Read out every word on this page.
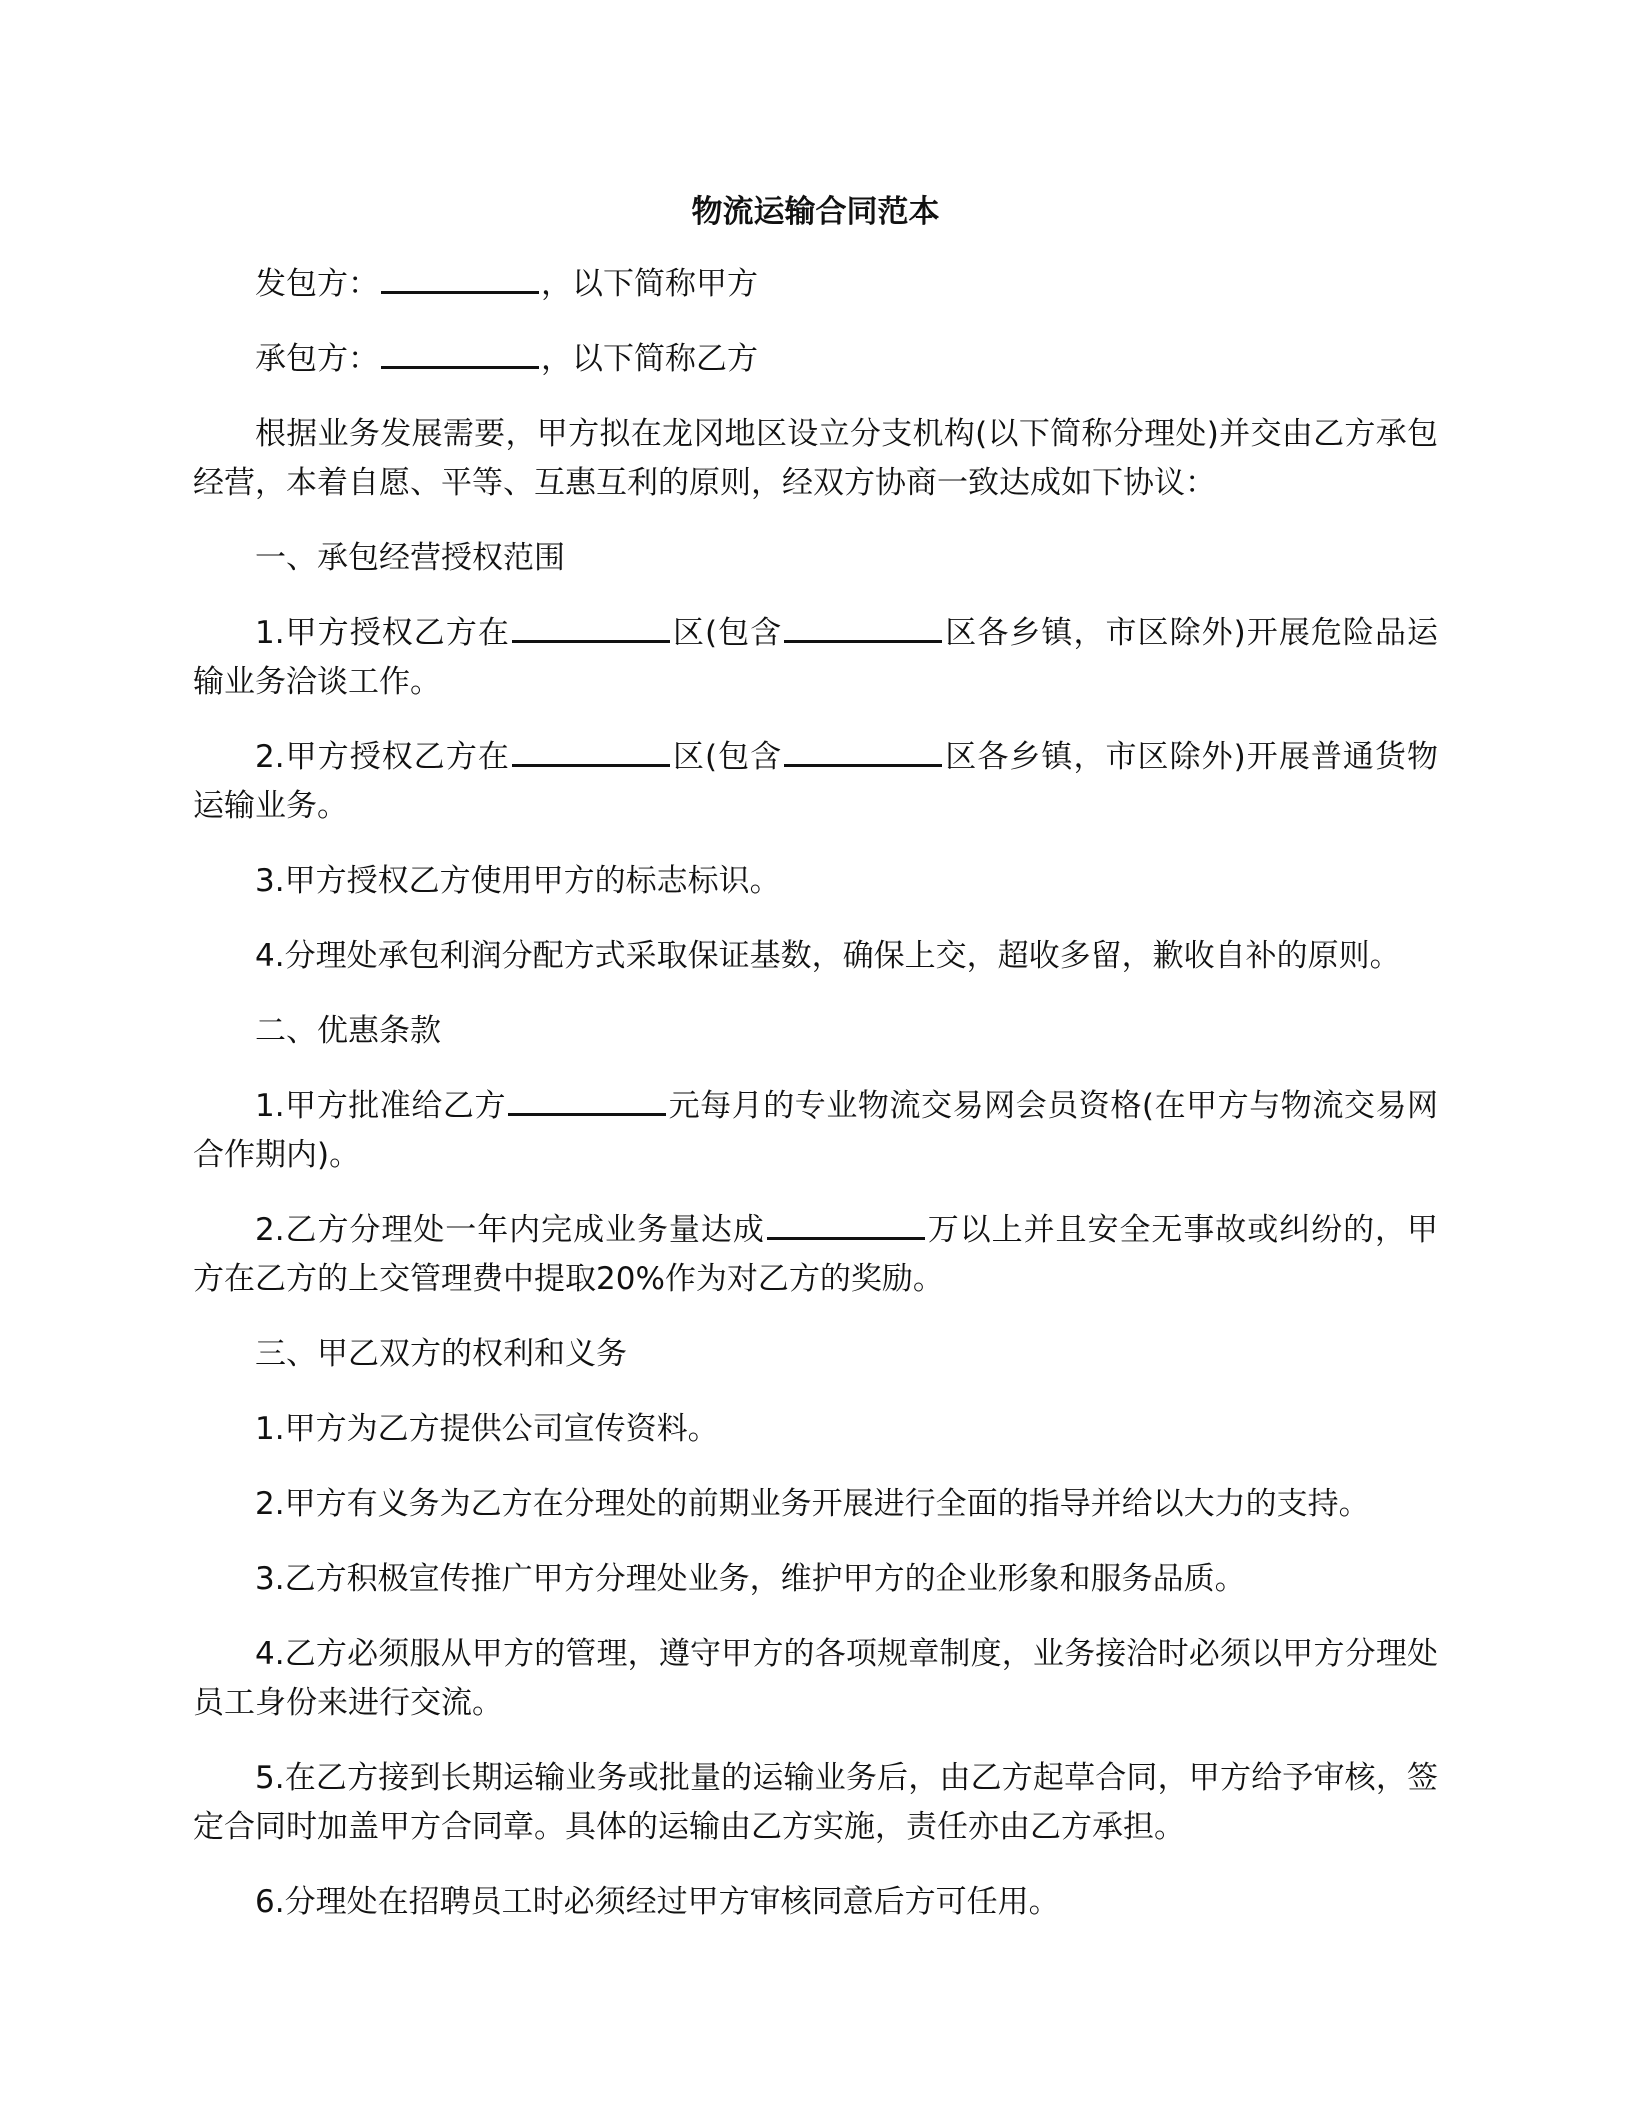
物流运输合同范本

发包方：	，以下简称甲方

承包方：	，以下简称乙方

根据业务发展需要，甲方拟在龙冈地区设立分支机构(以下简称分理处)并交由乙方承包经营，本着自愿、平等、互惠互利的原则，经双方协商一致达成如下协议：

一、承包经营授权范围

1.甲方授权乙方在	区(包含	区各乡镇，市区除外)开展危险品运输业务洽谈工作。

2.甲方授权乙方在	区(包含	区各乡镇，市区除外)开展普通货物运输业务。

3.甲方授权乙方使用甲方的标志标识。

4.分理处承包利润分配方式采取保证基数，确保上交，超收多留，歉收自补的原则。

二、优惠条款

1.甲方批准给乙方	元每月的专业物流交易网会员资格(在甲方与物流交易网合作期内)。

2.乙方分理处一年内完成业务量达成	万以上并且安全无事故或纠纷的，甲方在乙方的上交管理费中提取20%作为对乙方的奖励。

三、甲乙双方的权利和义务

1.甲方为乙方提供公司宣传资料。

2.甲方有义务为乙方在分理处的前期业务开展进行全面的指导并给以大力的支持。

3.乙方积极宣传推广甲方分理处业务，维护甲方的企业形象和服务品质。

4.乙方必须服从甲方的管理，遵守甲方的各项规章制度，业务接洽时必须以甲方分理处员工身份来进行交流。

5.在乙方接到长期运输业务或批量的运输业务后，由乙方起草合同，甲方给予审核，签定合同时加盖甲方合同章。具体的运输由乙方实施，责任亦由乙方承担。

6.分理处在招聘员工时必须经过甲方审核同意后方可任用。
